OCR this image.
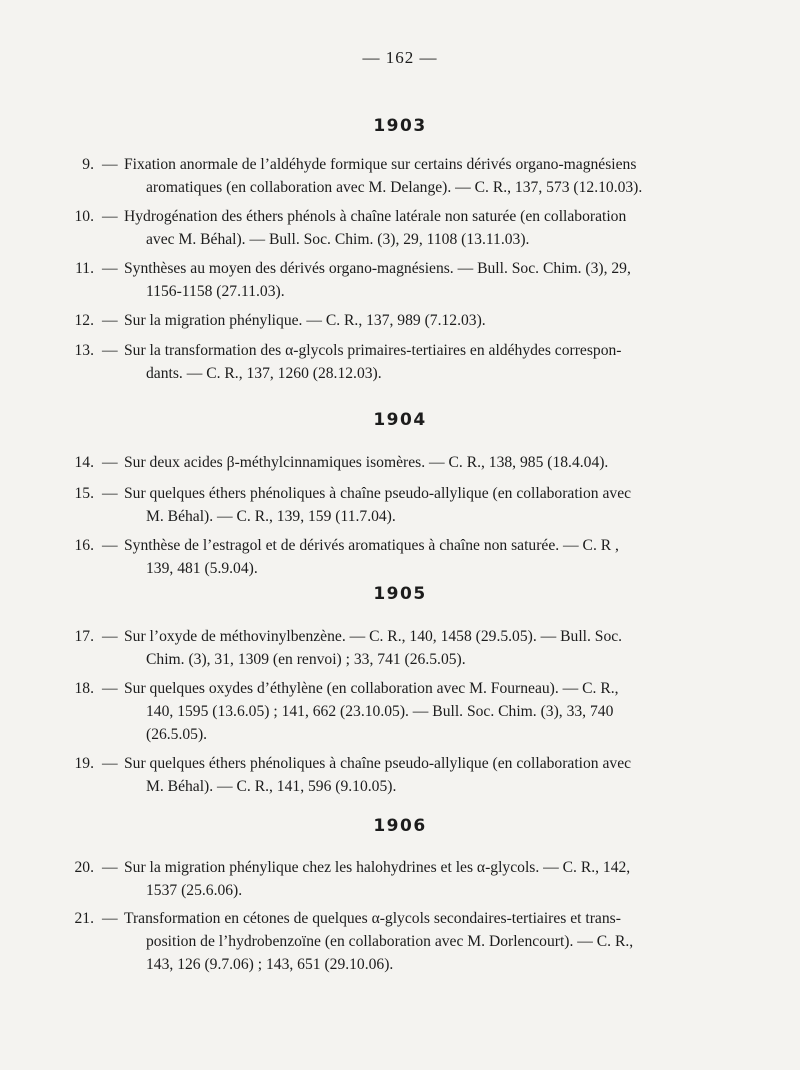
— 162 —
1903
9. — Fixation anormale de l’aldéhyde formique sur certains dérivés organo-magnésiens
aromatiques (en collaboration avec M. Delange). — C. R., 137, 573 (12.10.03).
10. — Hydrogénation des éthers phénols à chaîne latérale non saturée (en collaboration
avec M. Béhal). — Bull. Soc. Chim. (3), 29, 1108 (13.11.03).
11. — Synthèses au moyen des dérivés organo-magnésiens. — Bull. Soc. Chim. (3), 29,
1156-1158 (27.11.03).
12. — Sur la migration phénylique. — C. R., 137, 989 (7.12.03).
13. — Sur la transformation des α-glycols primaires-tertiaires en aldéhydes correspon-
dants. — C. R., 137, 1260 (28.12.03).
1904
14. — Sur deux acides β-méthylcinnamiques isomères. — C. R., 138, 985 (18.4.04).
15. — Sur quelques éthers phénoliques à chaîne pseudo-allylique (en collaboration avec
M. Béhal). — C. R., 139, 159 (11.7.04).
16. — Synthèse de l’estragol et de dérivés aromatiques à chaîne non saturée. — C. R ,
139, 481 (5.9.04).
1905
17. — Sur l’oxyde de méthovinylbenzène. — C. R., 140, 1458 (29.5.05). — Bull. Soc.
Chim. (3), 31, 1309 (en renvoi) ; 33, 741 (26.5.05).
18. — Sur quelques oxydes d’éthylène (en collaboration avec M. Fourneau). — C. R.,
140, 1595 (13.6.05) ; 141, 662 (23.10.05). — Bull. Soc. Chim. (3), 33, 740
(26.5.05).
19. — Sur quelques éthers phénoliques à chaîne pseudo-allylique (en collaboration avec
M. Béhal). — C. R., 141, 596 (9.10.05).
1906
20. — Sur la migration phénylique chez les halohydrines et les α-glycols. — C. R., 142,
1537 (25.6.06).
21. — Transformation en cétones de quelques α-glycols secondaires-tertiaires et trans-
position de l’hydrobenzoïne (en collaboration avec M. Dorlencourt). — C. R.,
143, 126 (9.7.06) ; 143, 651 (29.10.06).
